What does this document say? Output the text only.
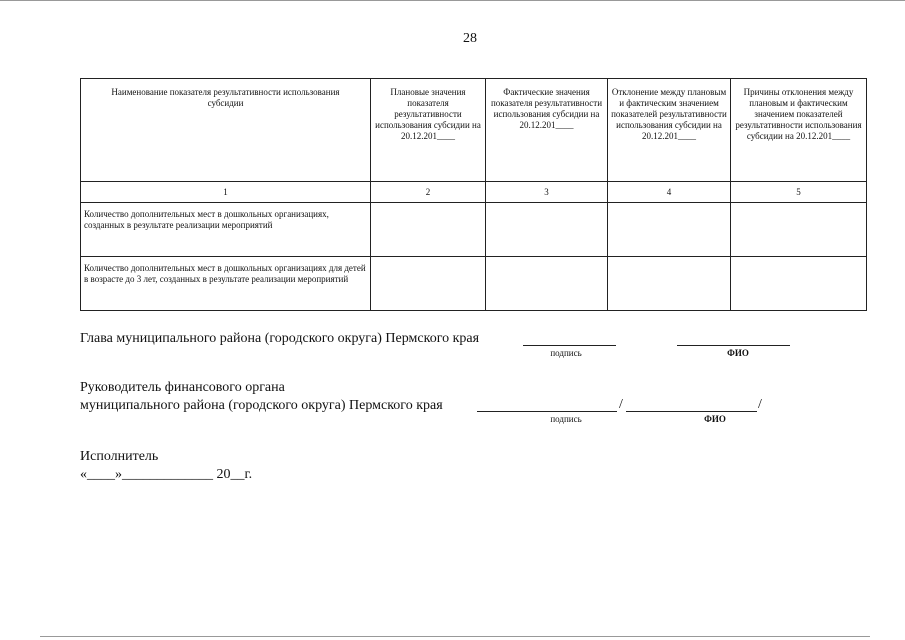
28
Наименование показателя результативности использования субсидии	Плановые значения показателя результативности использования субсидии на 20.12.201____	Фактические значения показателя результативности использования субсидии на 20.12.201____	Отклонение между плановым и фактическим значением показателей результативности использования субсидии на 20.12.201____	Причины отклонения между плановым и фактическим значением показателей результативности использования субсидии на 20.12.201____
1	2	3	4	5
Количество дополнительных мест в дошкольных организациях, созданных в результате реализации мероприятий				
Количество дополнительных мест в дошкольных организациях для детей в возрасте до 3 лет, созданных в результате реализации мероприятий				
Глава муниципального района (городского округа) Пермского края
подпись	ФИО
Руководитель финансового органа
муниципального района (городского округа) Пермского края	/	/
подпись	ФИО
Исполнитель
«____»_____________ 20__г.
